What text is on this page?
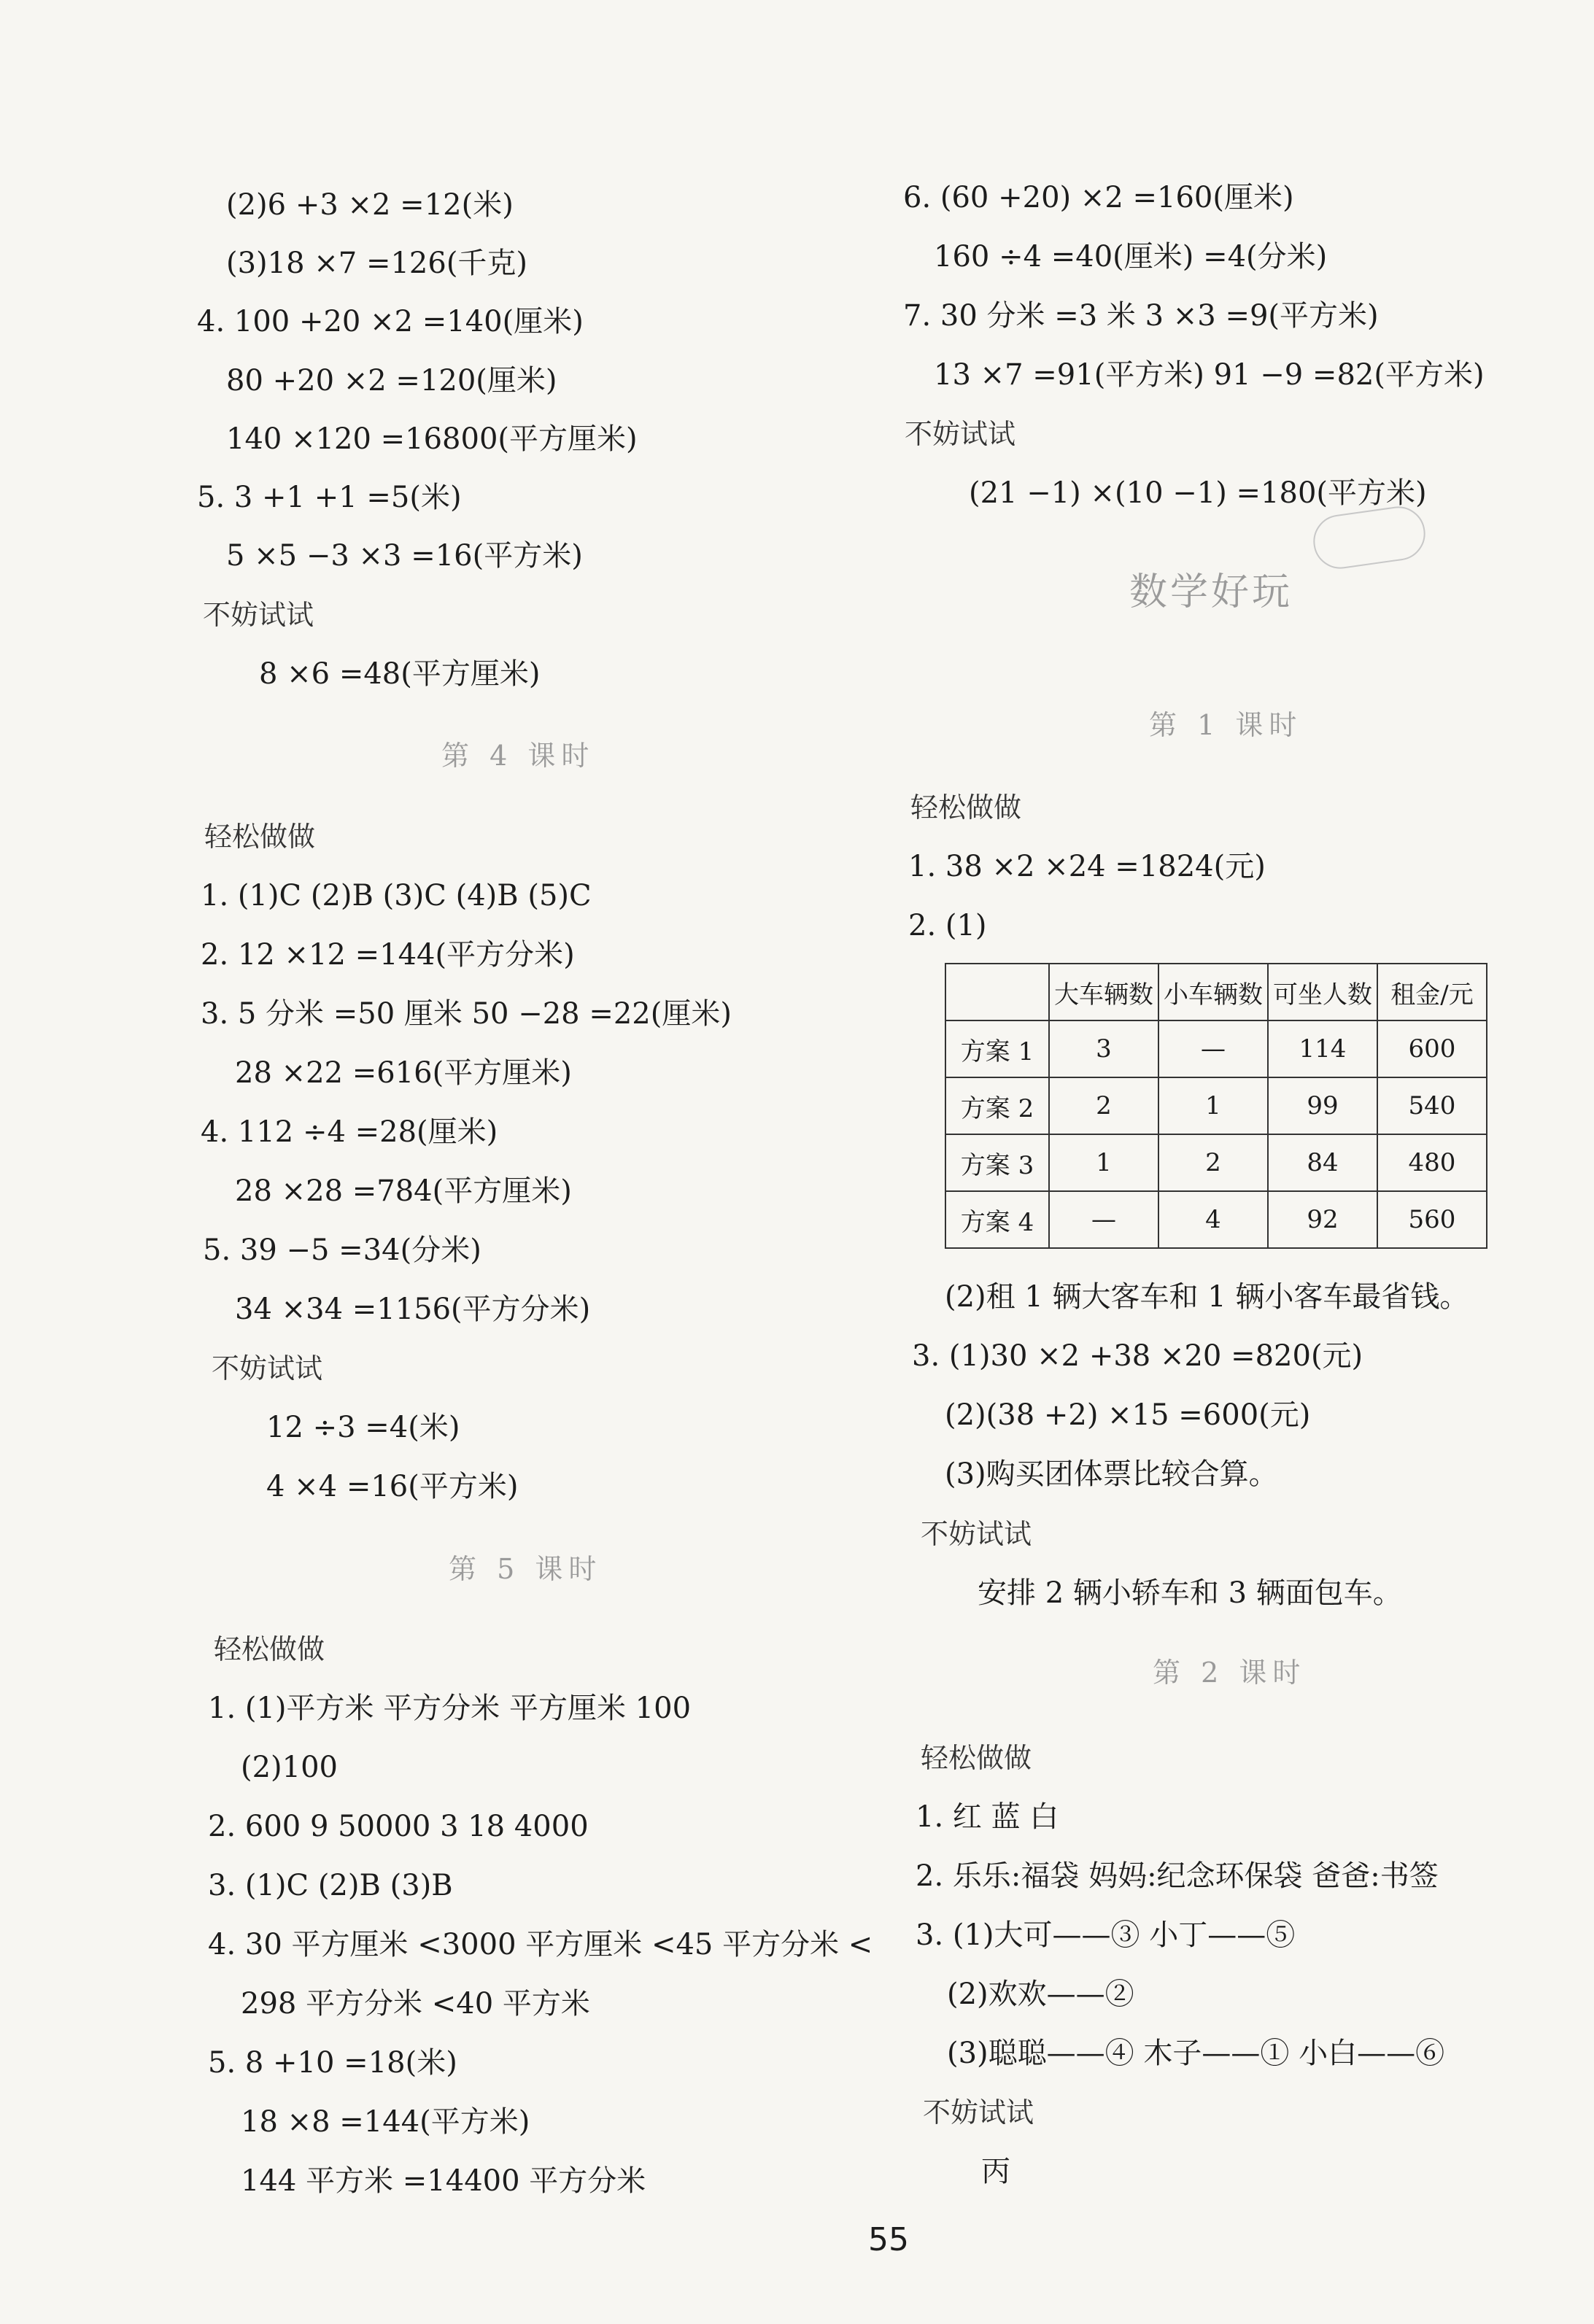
数学好玩
	大车辆数	小车辆数	可坐人数	租金/元
方案 1	3	—	114	600
方案 2	2	1	99	540
方案 3	1	2	84	480
方案 4	—	4	92	560
55
(2)6 +3 ×2 =12(米)
(3)18 ×7 =126(千克)
4. 100 +20 ×2 =140(厘米)
80 +20 ×2 =120(厘米)
140 ×120 =16800(平方厘米)
5. 3 +1 +1 =5(米)
5 ×5 −3 ×3 =16(平方米)
8 ×6 =48(平方厘米)
1. (1)C (2)B (3)C (4)B (5)C
2. 12 ×12 =144(平方分米)
3. 5 分米 =50 厘米 50 −28 =22(厘米)
28 ×22 =616(平方厘米)
4. 112 ÷4 =28(厘米)
28 ×28 =784(平方厘米)
5. 39 −5 =34(分米)
34 ×34 =1156(平方分米)
12 ÷3 =4(米)
4 ×4 =16(平方米)
1. (1)平方米 平方分米 平方厘米 100
(2)100
2. 600 9 50000 3 18 4000
3. (1)C (2)B (3)B
4. 30 平方厘米 <3000 平方厘米 <45 平方分米 <
298 平方分米 <40 平方米
5. 8 +10 =18(米)
18 ×8 =144(平方米)
144 平方米 =14400 平方分米
不妨试试
轻松做做
不妨试试
轻松做做
第 4 课时
第 5 课时
6. (60 +20) ×2 =160(厘米)
160 ÷4 =40(厘米) =4(分米)
7. 30 分米 =3 米 3 ×3 =9(平方米)
13 ×7 =91(平方米) 91 −9 =82(平方米)
(21 −1) ×(10 −1) =180(平方米)
1. 38 ×2 ×24 =1824(元)
2. (1)
(2)租 1 辆大客车和 1 辆小客车最省钱。
3. (1)30 ×2 +38 ×20 =820(元)
(2)(38 +2) ×15 =600(元)
(3)购买团体票比较合算。
安排 2 辆小轿车和 3 辆面包车。
1. 红 蓝 白
2. 乐乐:福袋 妈妈:纪念环保袋 爸爸:书签
3. (1)大可——③ 小丁——⑤
(2)欢欢——②
(3)聪聪——④ 木子——① 小白——⑥
丙
不妨试试
轻松做做
不妨试试
轻松做做
不妨试试
第 1 课时
第 2 课时
